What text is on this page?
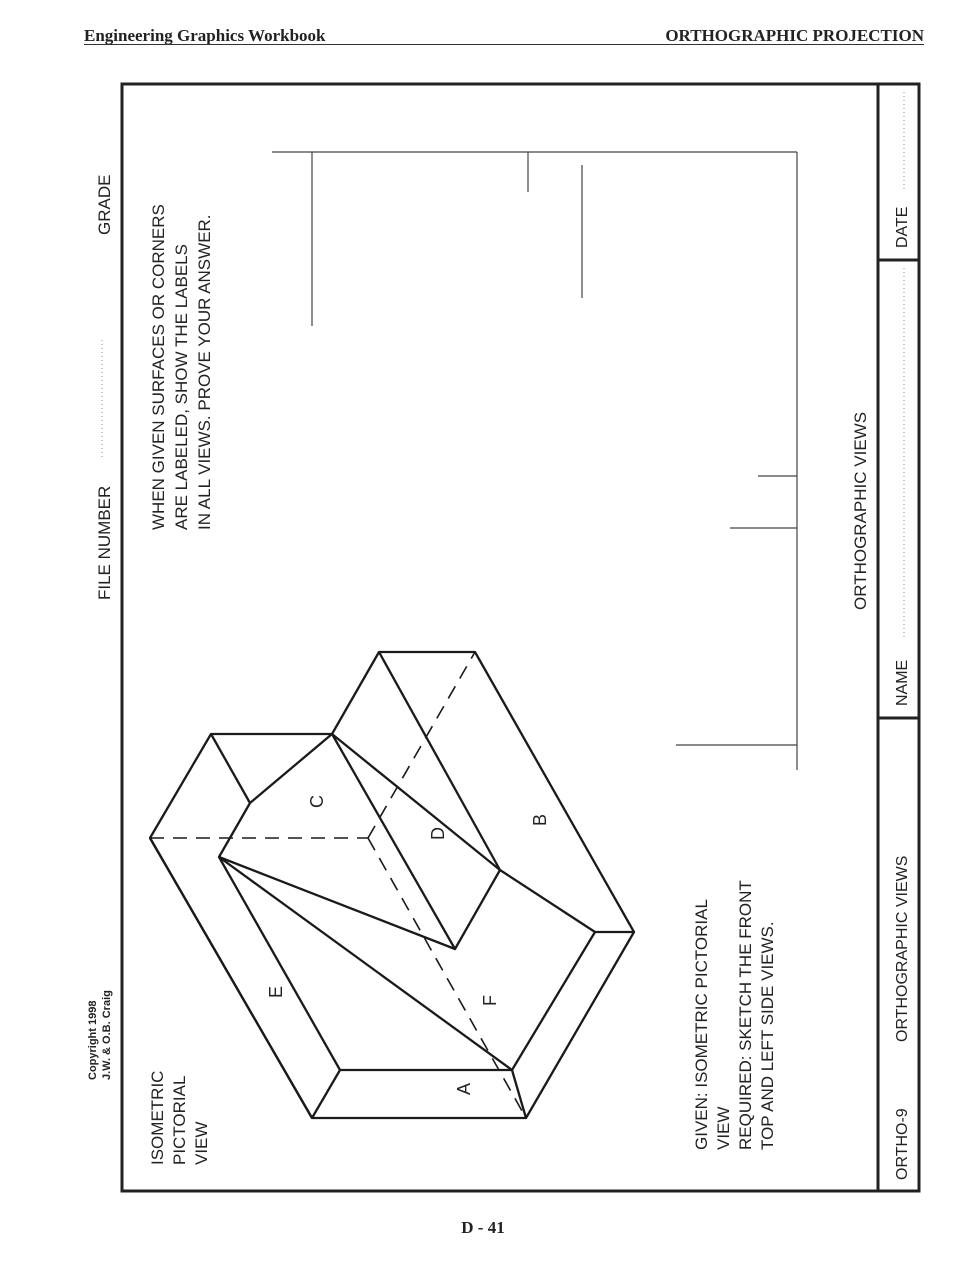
Engineering Graphics Workbook	ORTHOGRAPHIC PROJECTION
DATE
NAME
ORTHO-9
ORTHOGRAPHIC VIEWS
FILE NUMBER
GRADE WHEN GIVEN SURFACES OR CORNERS ARE LABELED, SHOW THE LABELS IN ALL VIEWS. PROVE YOUR ANSWER.
Copyright 1998 J.W. & O.B. Craig
ISOMETRIC PICTORIAL VIEW	GIVEN: ISOMETRIC PICTORIAL VIEW REQUIRED: SKETCH THE FRONT TOP AND LEFT SIDE VIEWS.
ORTHOGRAPHIC VIEWS
A
B
C
D
E
F
D - 41
